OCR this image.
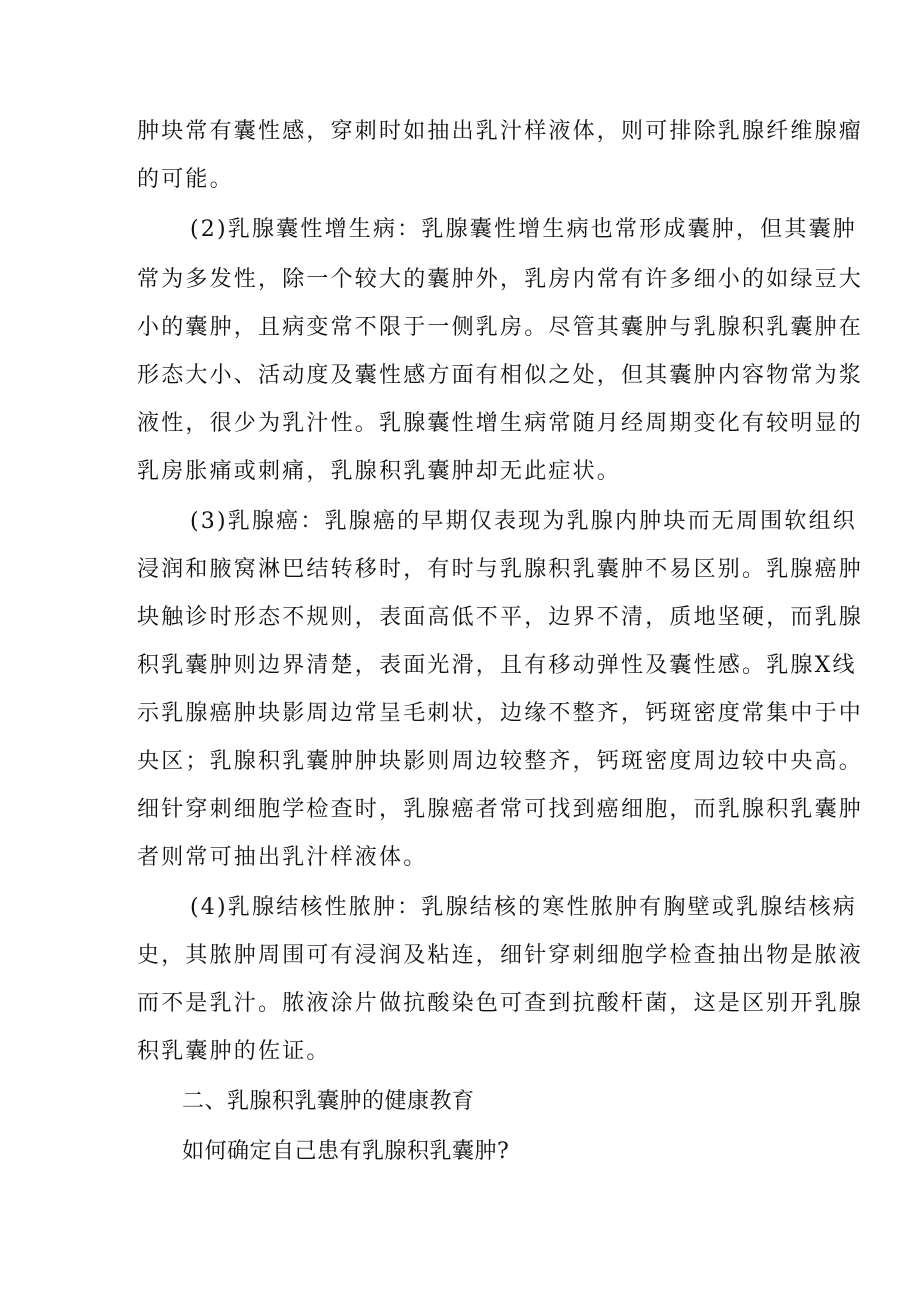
肿块常有囊性感，穿刺时如抽出乳汁样液体，则可排除乳腺纤维腺瘤
的可能。
(2)乳腺囊性增生病：乳腺囊性增生病也常形成囊肿，但其囊肿
常为多发性，除一个较大的囊肿外，乳房内常有许多细小的如绿豆大
小的囊肿，且病变常不限于一侧乳房。尽管其囊肿与乳腺积乳囊肿在
形态大小、活动度及囊性感方面有相似之处，但其囊肿内容物常为浆
液性，很少为乳汁性。乳腺囊性增生病常随月经周期变化有较明显的
乳房胀痛或刺痛，乳腺积乳囊肿却无此症状。
(3)乳腺癌：乳腺癌的早期仅表现为乳腺内肿块而无周围软组织
浸润和腋窝淋巴结转移时，有时与乳腺积乳囊肿不易区别。乳腺癌肿
块触诊时形态不规则，表面高低不平，边界不清，质地坚硬，而乳腺
积乳囊肿则边界清楚，表面光滑，且有移动弹性及囊性感。乳腺X线
示乳腺癌肿块影周边常呈毛刺状，边缘不整齐，钙斑密度常集中于中
央区；乳腺积乳囊肿肿块影则周边较整齐，钙斑密度周边较中央高。
细针穿刺细胞学检查时，乳腺癌者常可找到癌细胞，而乳腺积乳囊肿
者则常可抽出乳汁样液体。
(4)乳腺结核性脓肿：乳腺结核的寒性脓肿有胸壁或乳腺结核病
史，其脓肿周围可有浸润及粘连，细针穿刺细胞学检查抽出物是脓液
而不是乳汁。脓液涂片做抗酸染色可查到抗酸杆菌，这是区别开乳腺
积乳囊肿的佐证。
二、乳腺积乳囊肿的健康教育
如何确定自己患有乳腺积乳囊肿?
